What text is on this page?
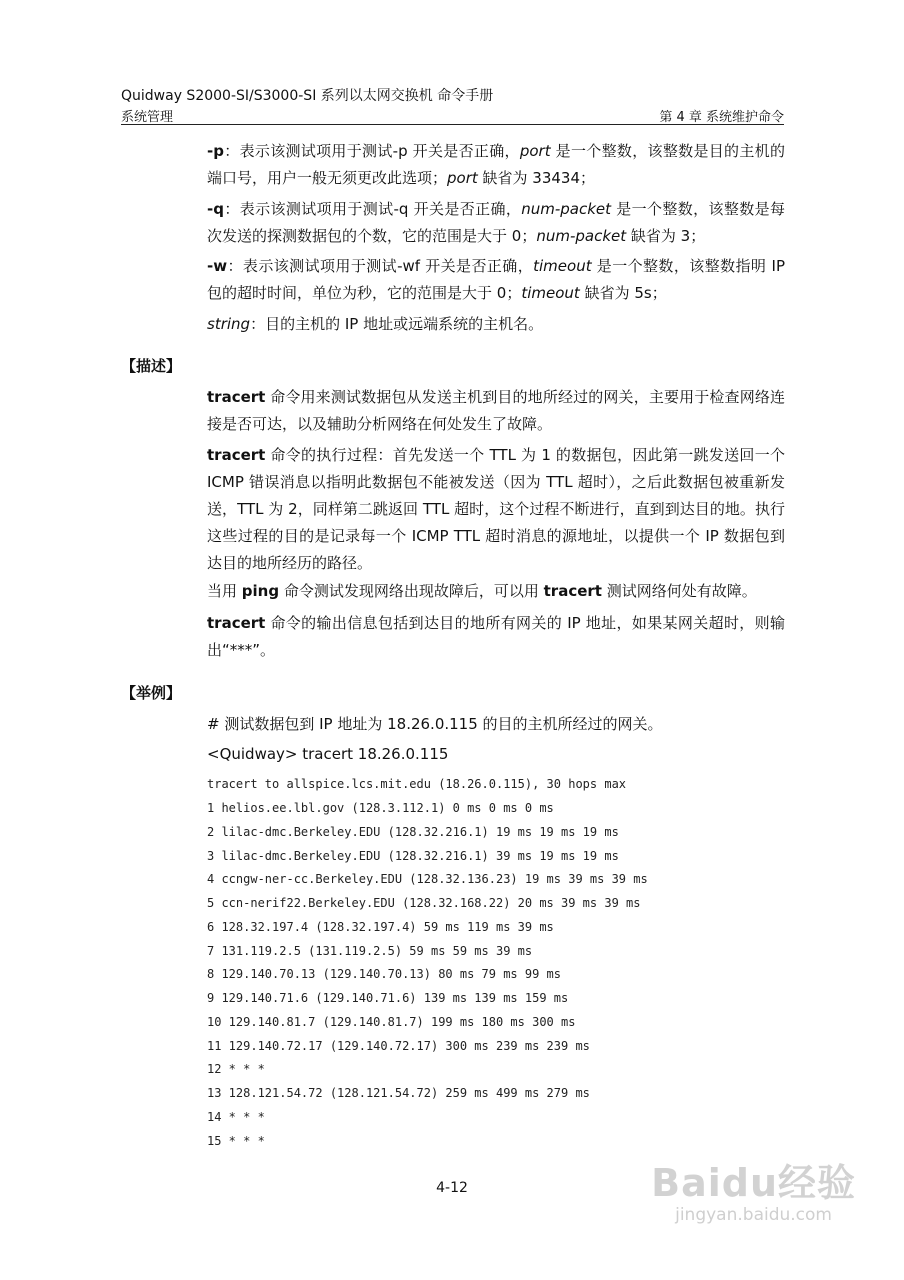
Quidway S2000-SI/S3000-SI 系列以太网交换机 命令手册
系统管理	第 4 章 系统维护命令

-p：表示该测试项用于测试-p 开关是否正确，port 是一个整数，该整数是目的主机的端口号，用户一般无须更改此选项；port 缺省为 33434；

-q：表示该测试项用于测试-q 开关是否正确，num-packet 是一个整数，该整数是每次发送的探测数据包的个数，它的范围是大于 0；num-packet 缺省为 3；

-w：表示该测试项用于测试-wf 开关是否正确，timeout 是一个整数，该整数指明 IP 包的超时时间，单位为秒，它的范围是大于 0；timeout 缺省为 5s；

string：目的主机的 IP 地址或远端系统的主机名。

【描述】

tracert 命令用来测试数据包从发送主机到目的地所经过的网关，主要用于检查网络连接是否可达，以及辅助分析网络在何处发生了故障。

tracert 命令的执行过程：首先发送一个 TTL 为 1 的数据包，因此第一跳发送回一个 ICMP 错误消息以指明此数据包不能被发送（因为 TTL 超时），之后此数据包被重新发送，TTL 为 2，同样第二跳返回 TTL 超时，这个过程不断进行，直到到达目的地。执行这些过程的目的是记录每一个 ICMP TTL 超时消息的源地址，以提供一个 IP 数据包到达目的地所经历的路径。

当用 ping 命令测试发现网络出现故障后，可以用 tracert 测试网络何处有故障。

tracert 命令的输出信息包括到达目的地所有网关的 IP 地址，如果某网关超时，则输出“***”。

【举例】

# 测试数据包到 IP 地址为 18.26.0.115 的目的主机所经过的网关。

<Quidway> tracert 18.26.0.115

tracert to allspice.lcs.mit.edu (18.26.0.115), 30 hops max
1 helios.ee.lbl.gov (128.3.112.1) 0 ms 0 ms 0 ms
2 lilac-dmc.Berkeley.EDU (128.32.216.1) 19 ms 19 ms 19 ms
3 lilac-dmc.Berkeley.EDU (128.32.216.1) 39 ms 19 ms 19 ms
4 ccngw-ner-cc.Berkeley.EDU (128.32.136.23) 19 ms 39 ms 39 ms
5 ccn-nerif22.Berkeley.EDU (128.32.168.22) 20 ms 39 ms 39 ms
6 128.32.197.4 (128.32.197.4) 59 ms 119 ms 39 ms
7 131.119.2.5 (131.119.2.5) 59 ms 59 ms 39 ms
8 129.140.70.13 (129.140.70.13) 80 ms 79 ms 99 ms
9 129.140.71.6 (129.140.71.6) 139 ms 139 ms 159 ms
10 129.140.81.7 (129.140.81.7) 199 ms 180 ms 300 ms
11 129.140.72.17 (129.140.72.17) 300 ms 239 ms 239 ms
12 * * *
13 128.121.54.72 (128.121.54.72) 259 ms 499 ms 279 ms
14 * * *
15 * * *
4-12	Baidu经验
jingyan.baidu.com
